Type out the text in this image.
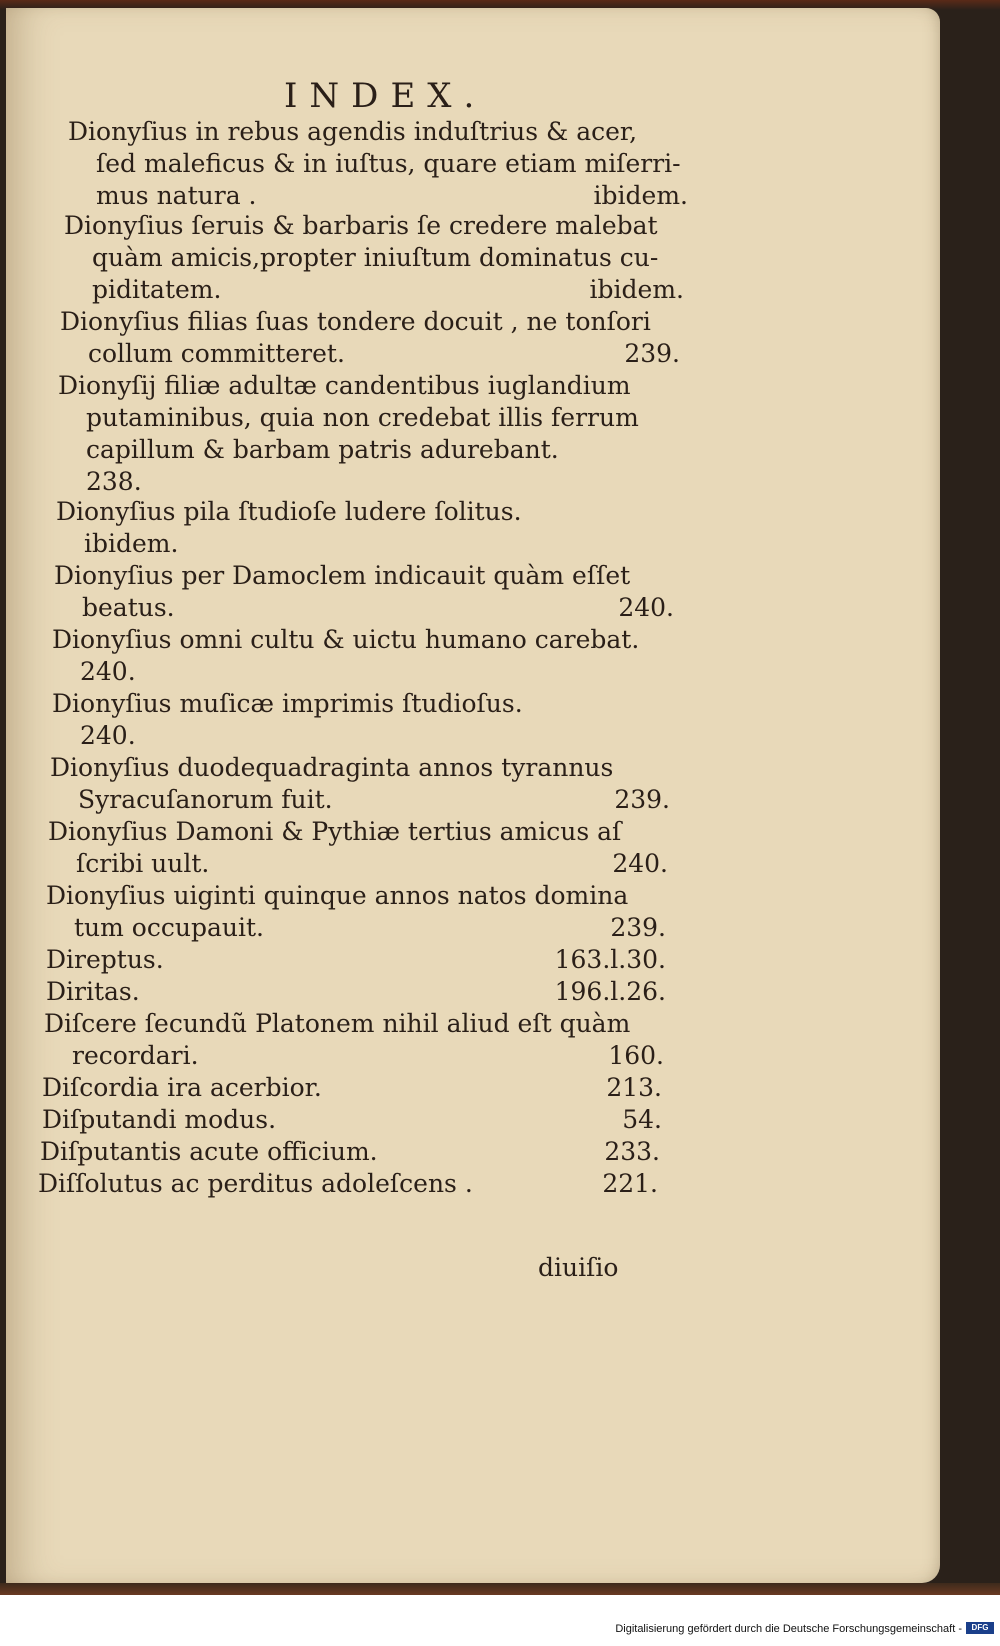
INDEX.
Dionyſius in rebus agendis induſtrius & acer,
ſed maleficus & in iuſtus, quare etiam miſerri-
mus natura .	ibidem.
Dionyſius ſeruis & barbaris ſe credere malebat
quàm amicis,propter iniuſtum dominatus cu-
piditatem.	ibidem.
Dionyſius filias ſuas tondere docuit , ne tonſori
collum committeret.	239.
Dionyſij filiæ adultæ candentibus iuglandium
putaminibus, quia non credebat illis ferrum
capillum & barbam patris adurebant.
238.
Dionyſius pila ſtudioſe ludere ſolitus.
ibidem.
Dionyſius per Damoclem indicauit quàm eſſet
beatus.	240.
Dionyſius omni cultu & uictu humano carebat.
240.
Dionyſius muſicæ imprimis ſtudioſus.
240.
Dionyſius duodequadraginta annos tyrannus
Syracuſanorum fuit.	239.
Dionyſius Damoni & Pythiæ tertius amicus aſ
ſcribi uult.	240.
Dionyſius uiginti quinque annos natos domina
tum occupauit.	239.
Direptus.	163.l.30.
Diritas.	196.l.26.
Diſcere ſecundũ Platonem nihil aliud eſt quàm
recordari.	160.
Diſcordia ira acerbior.	213.
Diſputandi modus.	54.
Diſputantis acute officium.	233.
Diſſolutus ac perditus adoleſcens .	221.
diuiſio
Digitalisierung gefördert durch die Deutsche Forschungsgemeinschaft -	DFG
